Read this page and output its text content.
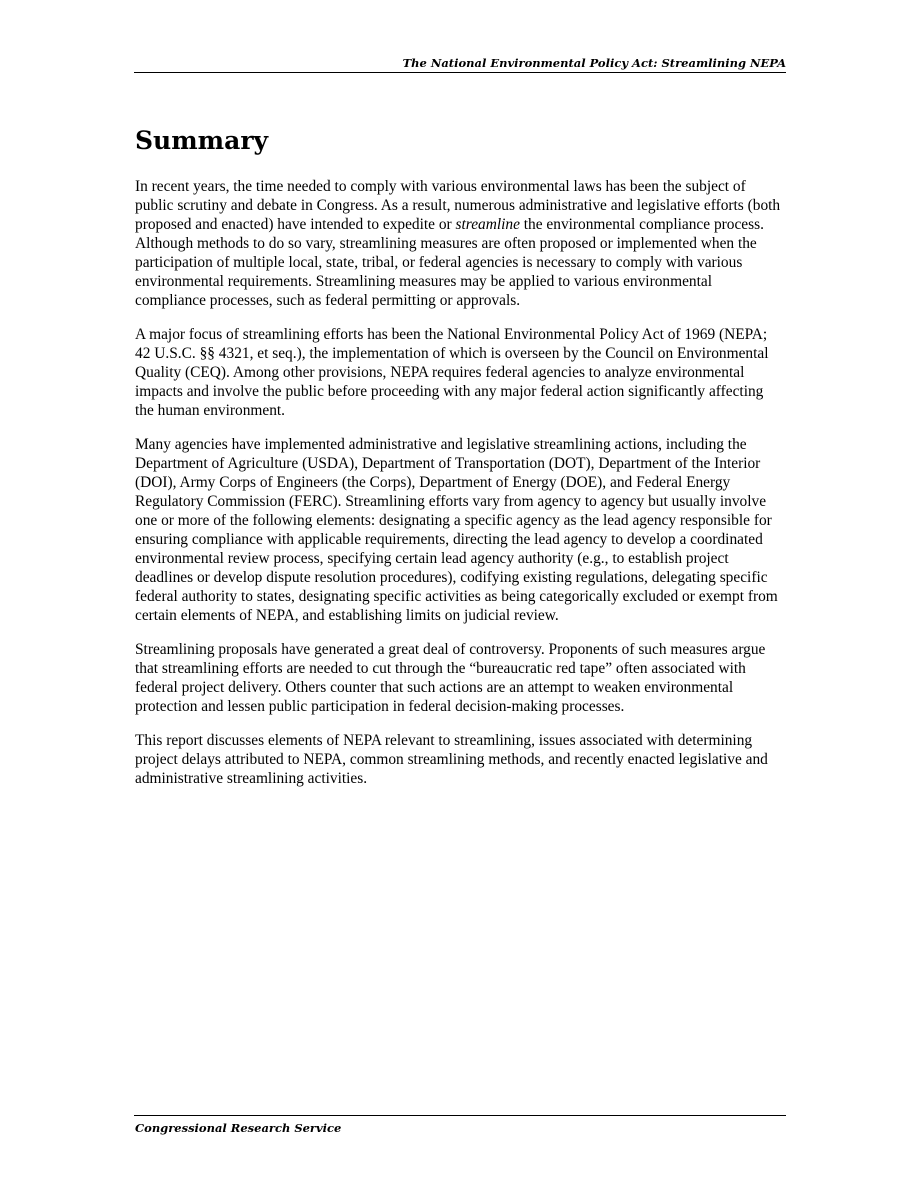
The National Environmental Policy Act: Streamlining NEPA
Summary

In recent years, the time needed to comply with various environmental laws has been the subject of public scrutiny and debate in Congress. As a result, numerous administrative and legislative efforts (both proposed and enacted) have intended to expedite or streamline the environmental compliance process. Although methods to do so vary, streamlining measures are often proposed or implemented when the participation of multiple local, state, tribal, or federal agencies is necessary to comply with various environmental requirements. Streamlining measures may be applied to various environmental compliance processes, such as federal permitting or approvals.

A major focus of streamlining efforts has been the National Environmental Policy Act of 1969 (NEPA; 42 U.S.C. §§ 4321, et seq.), the implementation of which is overseen by the Council on Environmental Quality (CEQ). Among other provisions, NEPA requires federal agencies to analyze environmental impacts and involve the public before proceeding with any major federal action significantly affecting the human environment.

Many agencies have implemented administrative and legislative streamlining actions, including the Department of Agriculture (USDA), Department of Transportation (DOT), Department of the Interior (DOI), Army Corps of Engineers (the Corps), Department of Energy (DOE), and Federal Energy Regulatory Commission (FERC). Streamlining efforts vary from agency to agency but usually involve one or more of the following elements: designating a specific agency as the lead agency responsible for ensuring compliance with applicable requirements, directing the lead agency to develop a coordinated environmental review process, specifying certain lead agency authority (e.g., to establish project deadlines or develop dispute resolution procedures), codifying existing regulations, delegating specific federal authority to states, designating specific activities as being categorically excluded or exempt from certain elements of NEPA, and establishing limits on judicial review.

Streamlining proposals have generated a great deal of controversy. Proponents of such measures argue that streamlining efforts are needed to cut through the “bureaucratic red tape” often associated with federal project delivery. Others counter that such actions are an attempt to weaken environmental protection and lessen public participation in federal decision-making processes.

This report discusses elements of NEPA relevant to streamlining, issues associated with determining project delays attributed to NEPA, common streamlining methods, and recently enacted legislative and administrative streamlining activities.

Congressional Research Service
